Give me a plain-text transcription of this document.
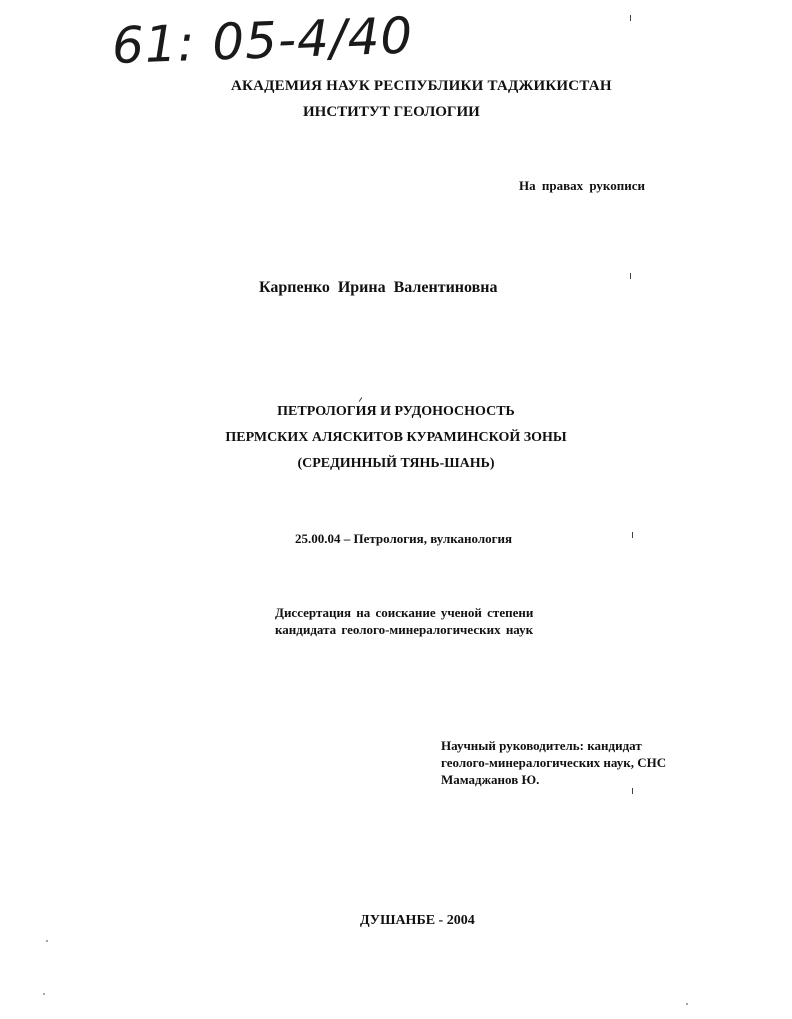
61: 05-4/40
АКАДЕМИЯ НАУК РЕСПУБЛИКИ ТАДЖИКИСТАН
ИНСТИТУТ ГЕОЛОГИИ
На правах рукописи
Карпенко Ирина Валентиновна
ПЕТРОЛОГИЯ И РУДОНОСНОСТЬ
ПЕРМСКИХ АЛЯСКИТОВ КУРАМИНСКОЙ ЗОНЫ
(СРЕДИННЫЙ ТЯНЬ-ШАНЬ)
25.00.04 – Петрология, вулканология
Диссертация на соискание ученой степени
кандидата геолого-минералогических наук
Научный руководитель: кандидат
геолого-минералогических наук, СНС
Мамаджанов Ю.
ДУШАНБЕ - 2004
